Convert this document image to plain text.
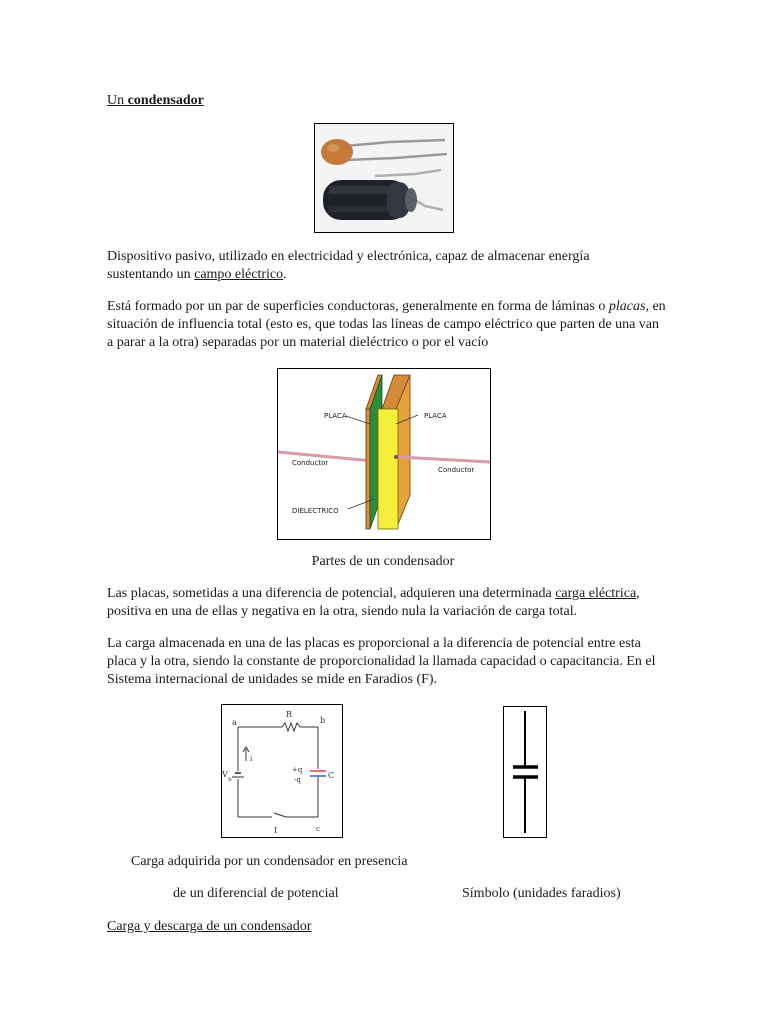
Un condensador
Dispositivo pasivo, utilizado en electricidad y electrónica, capaz de almacenar energía sustentando un campo eléctrico.
Está formado por un par de superficies conductoras, generalmente en forma de láminas o placas, en situación de influencia total (esto es, que todas las líneas de campo eléctrico que parten de una van a parar a la otra) separadas por un material dieléctrico o por el vacío
PLACA	PLACA
Conductor
Conductor
DIELECTRICO
Partes de un condensador
Las placas, sometidas a una diferencia de potencial, adquieren una determinada carga eléctrica, positiva en una de ellas y negativa en la otra, siendo nula la variación de carga total.
La carga almacenada en una de las placas es proporcional a la diferencia de potencial entre esta placa y la otra, siendo la constante de proporcionalidad la llamada capacidad o capacitancia. En el Sistema internacional de unidades se mide en Faradios (F).
a	b
R
i
V
B
+q
-q	C
I	c
Carga adquirida por un condensador en presencia
de un diferencial de potencial	Símbolo (unidades faradios)
Carga y descarga de un condensador
